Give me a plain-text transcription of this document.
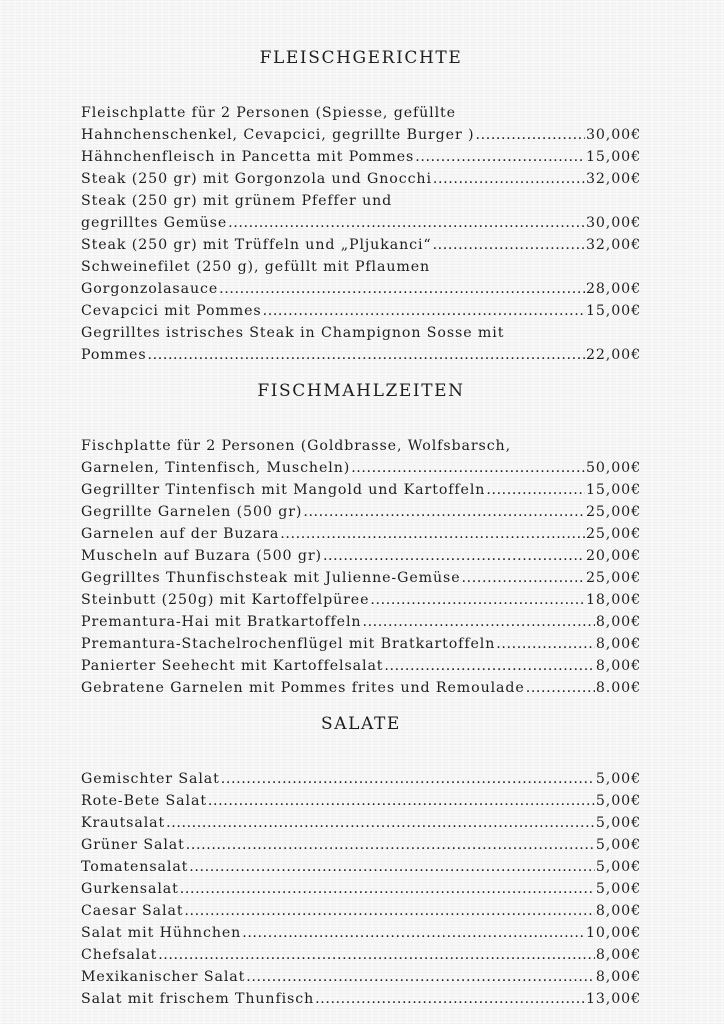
FLEISCHGERICHTE
Fleischplatte für 2 Personen (Spiesse, gefüllte
Hahnchenschenkel, Cevapcici, gegrillte Burger ) .....	30,00€
Hähnchenfleisch in Pancetta mit Pommes .....	15,00€
Steak (250 gr) mit Gorgonzola und Gnocchi .....	32,00€
Steak (250 gr) mit grünem Pfeffer und
gegrilltes Gemüse .....	30,00€
Steak (250 gr) mit Trüffeln und „Pljukanci“ .....	32,00€
Schweinefilet (250 g), gefüllt mit Pflaumen
Gorgonzolasauce .....	28,00€
Cevapcici mit Pommes .....	15,00€
Gegrilltes istrisches Steak in Champignon Sosse mit
Pommes .....	22,00€
FISCHMAHLZEITEN
Fischplatte für 2 Personen (Goldbrasse, Wolfsbarsch,
Garnelen, Tintenfisch, Muscheln) .....	50,00€
Gegrillter Tintenfisch mit Mangold und Kartoffeln .....	15,00€
Gegrillte Garnelen (500 gr) .....	25,00€
Garnelen auf der Buzara .....	25,00€
Muscheln auf Buzara (500 gr) .....	20,00€
Gegrilltes Thunfischsteak mit Julienne-Gemüse .....	25,00€
Steinbutt (250g) mit Kartoffelpüree .....	18,00€
Premantura-Hai mit Bratkartoffeln .....	8,00€
Premantura-Stachelrochenflügel mit Bratkartoffeln .....	8,00€
Panierter Seehecht mit Kartoffelsalat .....	8,00€
Gebratene Garnelen mit Pommes frites und Remoulade .....	8.00€
SALATE
Gemischter Salat .....	5,00€
Rote-Bete Salat .....	5,00€
Krautsalat .....	5,00€
Grüner Salat .....	5,00€
Tomatensalat .....	5,00€
Gurkensalat .....	5,00€
Caesar Salat .....	8,00€
Salat mit Hühnchen .....	10,00€
Chefsalat .....	8,00€
Mexikanischer Salat .....	8,00€
Salat mit frischem Thunfisch .....	13,00€
